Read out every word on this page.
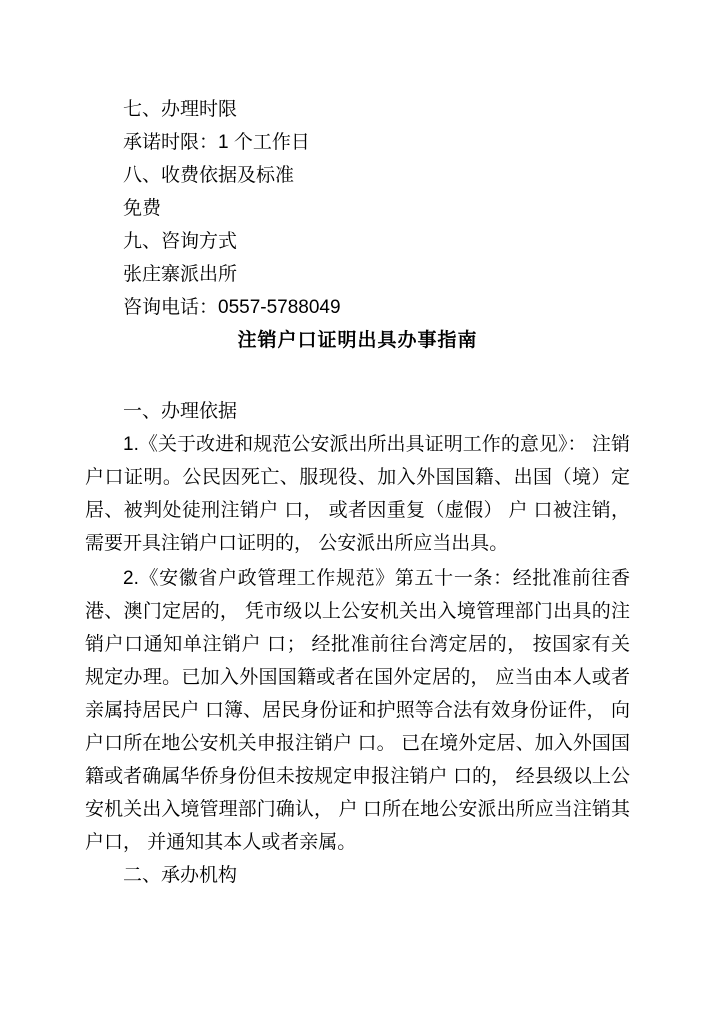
七、办理时限

承诺时限：1 个工作日

八、收费依据及标准

免费

九、咨询方式

张庄寨派出所

咨询电话：0557-5788049

注销户口证明出具办事指南

一、办理依据

1.《关于改进和规范公安派出所出具证明工作的意见》： 注销户口证明。公民因死亡、服现役、加入外国国籍、出国（境）定居、被判处徒刑注销户 口， 或者因重复（虚假） 户 口被注销， 需要开具注销户口证明的， 公安派出所应当出具。

2.《安徽省户政管理工作规范》第五十一条：经批准前往香港、澳门定居的， 凭市级以上公安机关出入境管理部门出具的注销户口通知单注销户 口； 经批准前往台湾定居的， 按国家有关规定办理。已加入外国国籍或者在国外定居的， 应当由本人或者亲属持居民户 口簿、居民身份证和护照等合法有效身份证件， 向户口所在地公安机关申报注销户 口。 已在境外定居、加入外国国籍或者确属华侨身份但未按规定申报注销户 口的， 经县级以上公安机关出入境管理部门确认， 户 口所在地公安派出所应当注销其户口， 并通知其本人或者亲属。

二、承办机构
